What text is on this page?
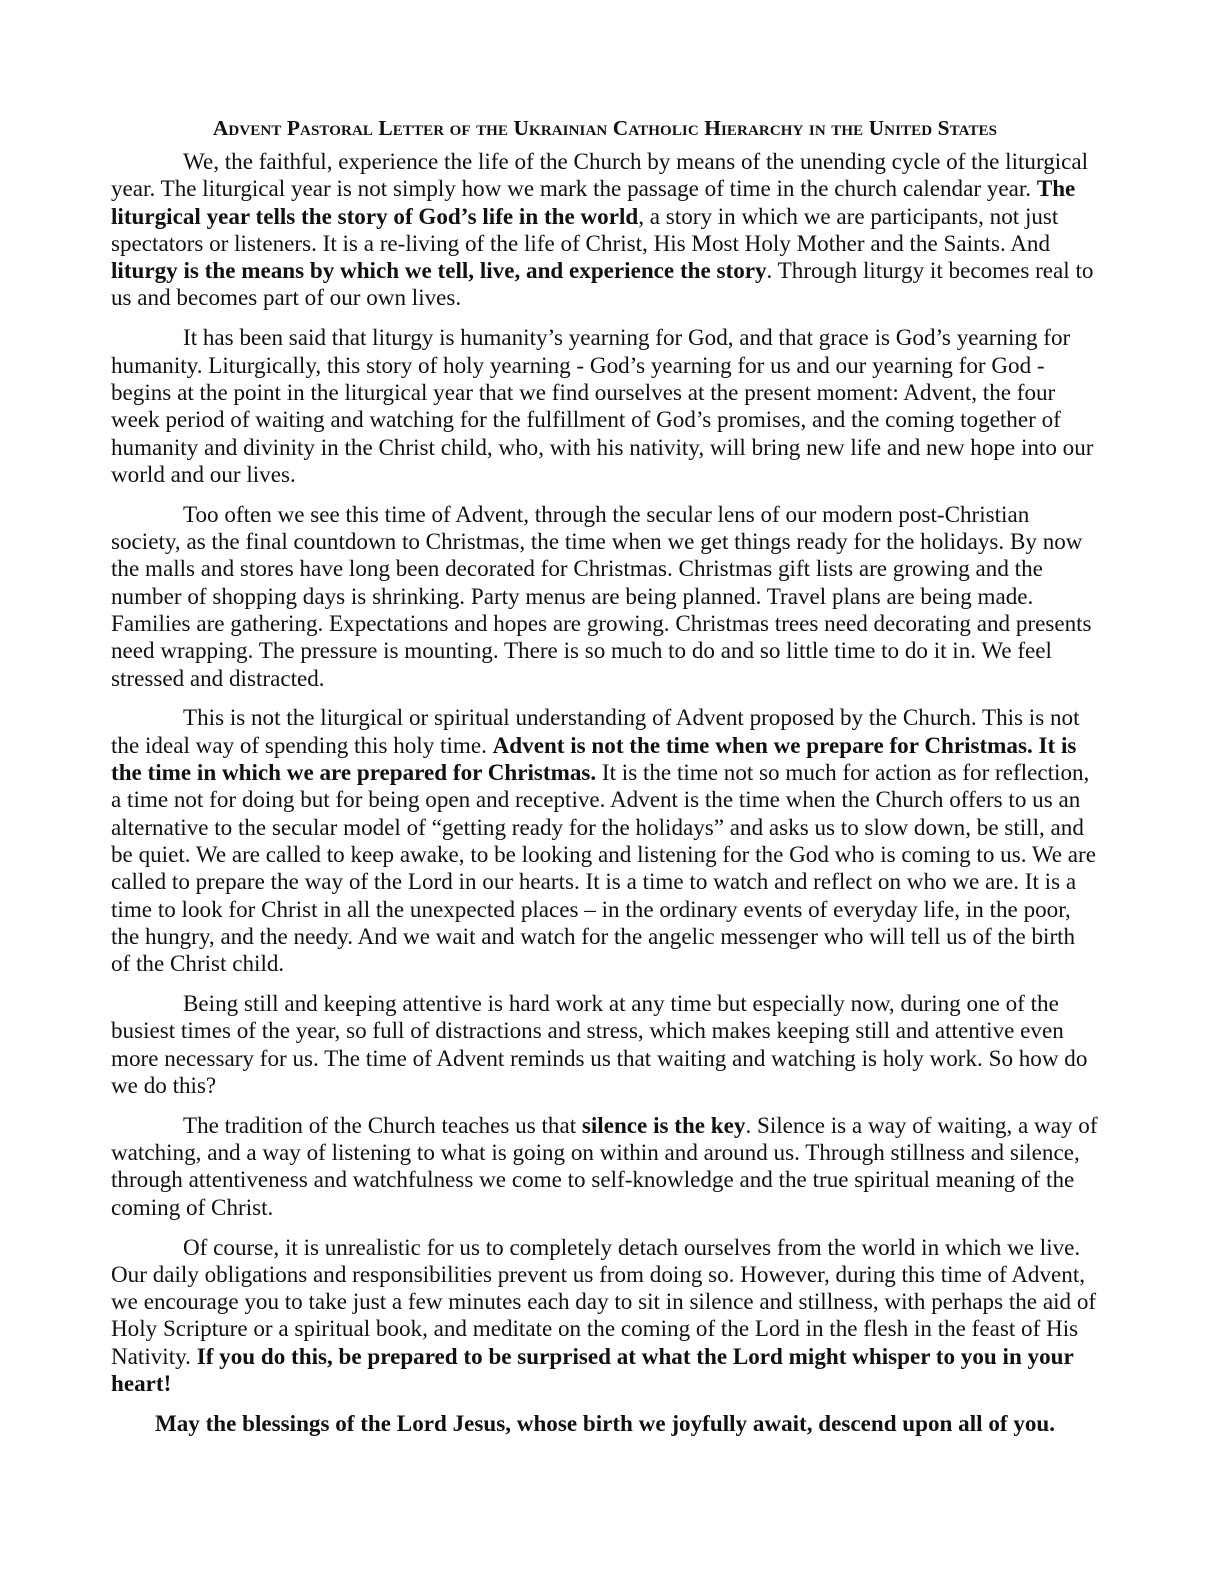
Advent Pastoral Letter of the Ukrainian Catholic Hierarchy in the United States

We, the faithful, experience the life of the Church by means of the unending cycle of the liturgical year. The liturgical year is not simply how we mark the passage of time in the church calendar year. The liturgical year tells the story of God’s life in the world, a story in which we are participants, not just spectators or listeners. It is a re-living of the life of Christ, His Most Holy Mother and the Saints. And liturgy is the means by which we tell, live, and experience the story. Through liturgy it becomes real to us and becomes part of our own lives.

It has been said that liturgy is humanity’s yearning for God, and that grace is God’s yearning for humanity. Liturgically, this story of holy yearning - God’s yearning for us and our yearning for God - begins at the point in the liturgical year that we find ourselves at the present moment: Advent, the four week period of waiting and watching for the fulfillment of God’s promises, and the coming together of humanity and divinity in the Christ child, who, with his nativity, will bring new life and new hope into our world and our lives.

Too often we see this time of Advent, through the secular lens of our modern post-Christian society, as the final countdown to Christmas, the time when we get things ready for the holidays. By now the malls and stores have long been decorated for Christmas. Christmas gift lists are growing and the number of shopping days is shrinking. Party menus are being planned. Travel plans are being made. Families are gathering. Expectations and hopes are growing. Christmas trees need decorating and presents need wrapping. The pressure is mounting. There is so much to do and so little time to do it in. We feel stressed and distracted.

This is not the liturgical or spiritual understanding of Advent proposed by the Church. This is not the ideal way of spending this holy time. Advent is not the time when we prepare for Christmas. It is the time in which we are prepared for Christmas. It is the time not so much for action as for reflection, a time not for doing but for being open and receptive. Advent is the time when the Church offers to us an alternative to the secular model of “getting ready for the holidays” and asks us to slow down, be still, and be quiet. We are called to keep awake, to be looking and listening for the God who is coming to us. We are called to prepare the way of the Lord in our hearts. It is a time to watch and reflect on who we are. It is a time to look for Christ in all the unexpected places – in the ordinary events of everyday life, in the poor, the hungry, and the needy. And we wait and watch for the angelic messenger who will tell us of the birth of the Christ child.

Being still and keeping attentive is hard work at any time but especially now, during one of the busiest times of the year, so full of distractions and stress, which makes keeping still and attentive even more necessary for us. The time of Advent reminds us that waiting and watching is holy work. So how do we do this?

The tradition of the Church teaches us that silence is the key. Silence is a way of waiting, a way of watching, and a way of listening to what is going on within and around us. Through stillness and silence, through attentiveness and watchfulness we come to self-knowledge and the true spiritual meaning of the coming of Christ.

Of course, it is unrealistic for us to completely detach ourselves from the world in which we live. Our daily obligations and responsibilities prevent us from doing so. However, during this time of Advent, we encourage you to take just a few minutes each day to sit in silence and stillness, with perhaps the aid of Holy Scripture or a spiritual book, and meditate on the coming of the Lord in the flesh in the feast of His Nativity. If you do this, be prepared to be surprised at what the Lord might whisper to you in your heart!

May the blessings of the Lord Jesus, whose birth we joyfully await, descend upon all of you.
